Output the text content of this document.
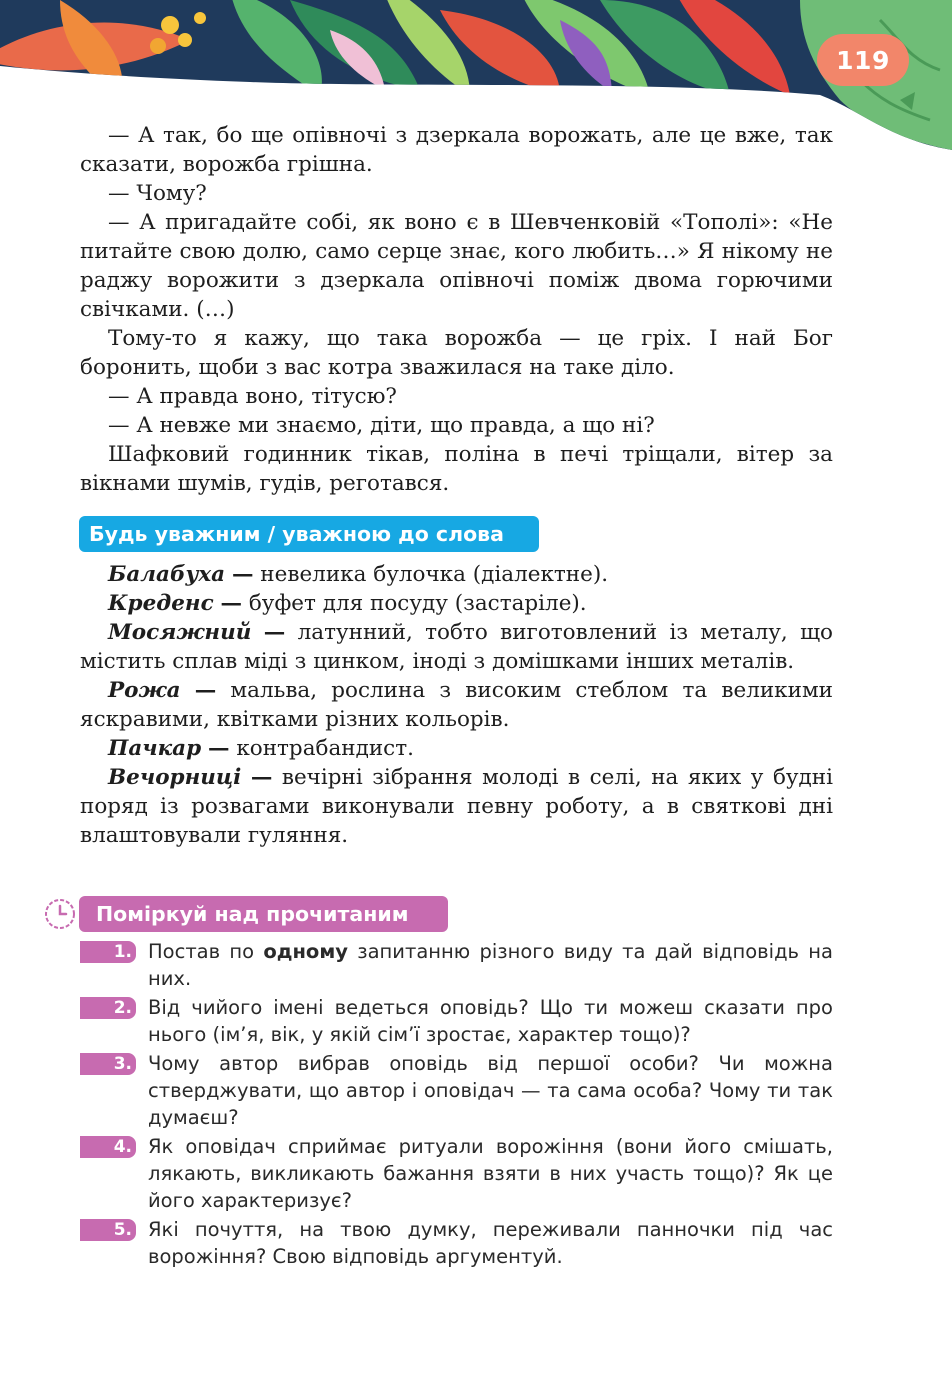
119

— А так, бо ще опівночі з дзеркала ворожать, але це вже, так сказати, ворожба грішна.

— Чому?

— А пригадайте собі, як воно є в Шевченковій «Тополі»: «Не питайте свою долю, само серце знає, кого любить…» Я нікому не раджу ворожити з дзеркала опівночі поміж двома горючими свічками. (…)

Тому-то я кажу, що така ворожба — це гріх. І най Бог боронить, щоби з вас котра зважилася на таке діло.

— А правда воно, тітусю?

— А невже ми знаємо, діти, що правда, а що ні?

Шафковий годинник тікав, поліна в печі тріщали, вітер за вікнами шумів, гудів, реготався.

Будь уважним / уважною до слова

Балабуха — невелика булочка (діалектне).

Креденс — буфет для посуду (застаріле).

Мосяжний — латунний, тобто виготовлений із металу, що містить сплав міді з цинком, іноді з домішками інших металів.

Рожа — мальва, рослина з високим стеблом та великими яскравими, квітками різних кольорів.

Пачкар — контрабандист.

Вечорниці — вечірні зібрання молоді в селі, на яких у будні поряд із розвагами виконували певну роботу, а в святкові дні влаштовували гуляння.

Поміркуй над прочитаним
1. Постав по одному запитанню різного виду та дай відповідь на них.
2. Від чийого імені ведеться оповідь? Що ти можеш сказати про нього (ім’я, вік, у якій сім’ї зростає, характер тощо)?
3. Чому автор вибрав оповідь від першої особи? Чи можна стверджувати, що автор і оповідач — та сама особа? Чому ти так думаєш?
4. Як оповідач сприймає ритуали ворожіння (вони його смішать, лякають, викликають бажання взяти в них участь тощо)? Як це його характеризує?
5. Які почуття, на твою думку, переживали панночки під час ворожіння? Свою відповідь аргументуй.
